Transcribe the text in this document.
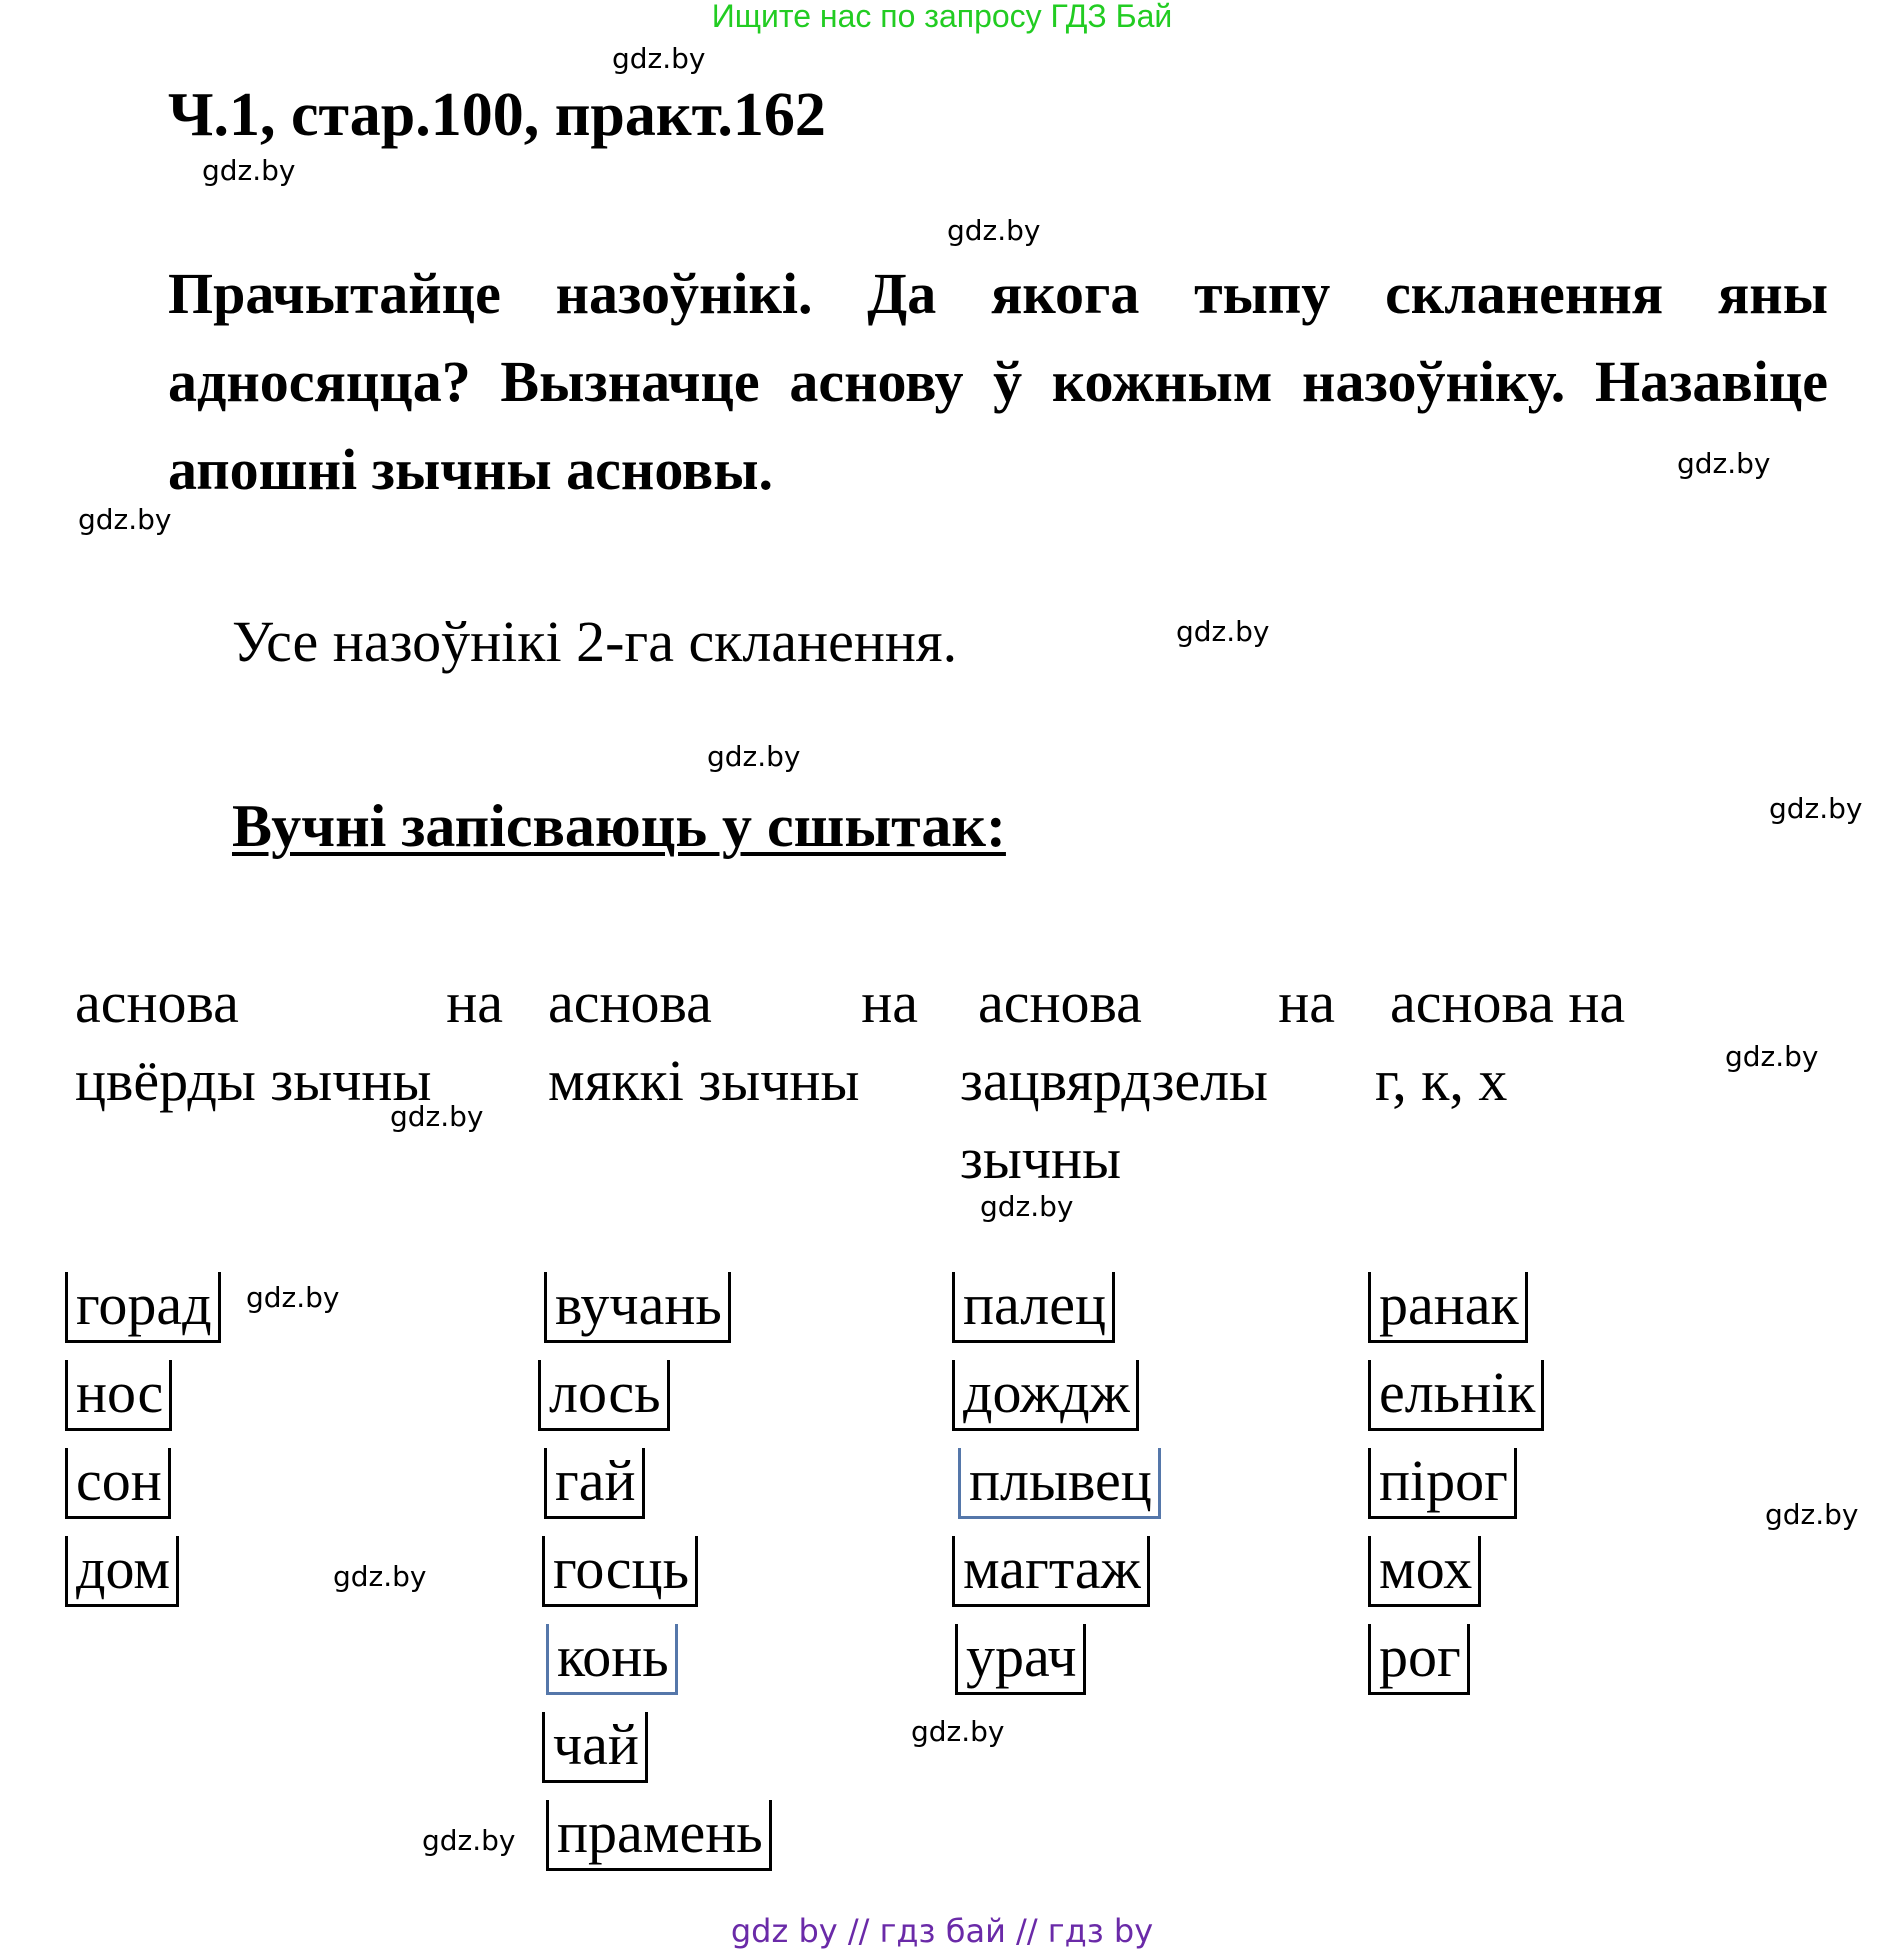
Ищите нас по запросу ГДЗ Бай
gdz.by
gdz.by
gdz.by
gdz.by
gdz.by
gdz.by
gdz.by
gdz.by
gdz.by
gdz.by
gdz.by
gdz.by
gdz.by
gdz.by
gdz.by
gdz.by
Ч.1, стар.100, практ.162
Прачытайце назоўнікі. Да якога тыпу скланення яны адносяцца? Вызначце аснову ў кожным назоўніку. Назавіце апошні зычны асновы.
Усе назоўнікі 2-га скланення.
Вучні запісваюць у сшытак:
аснова	на
цвёрды зычны
аснова	на
мяккі зычны
аснова на
зацвярдзелы зычны
аснова на
г, к, х
горад
нос
сон
дом
вучань
лось
гай
госць
конь
чай
прамень
палец
дождж
плывец
магтаж
урач
ранак
ельнік
пірог
мох
рог
gdz by // гдз бай // гдз by
